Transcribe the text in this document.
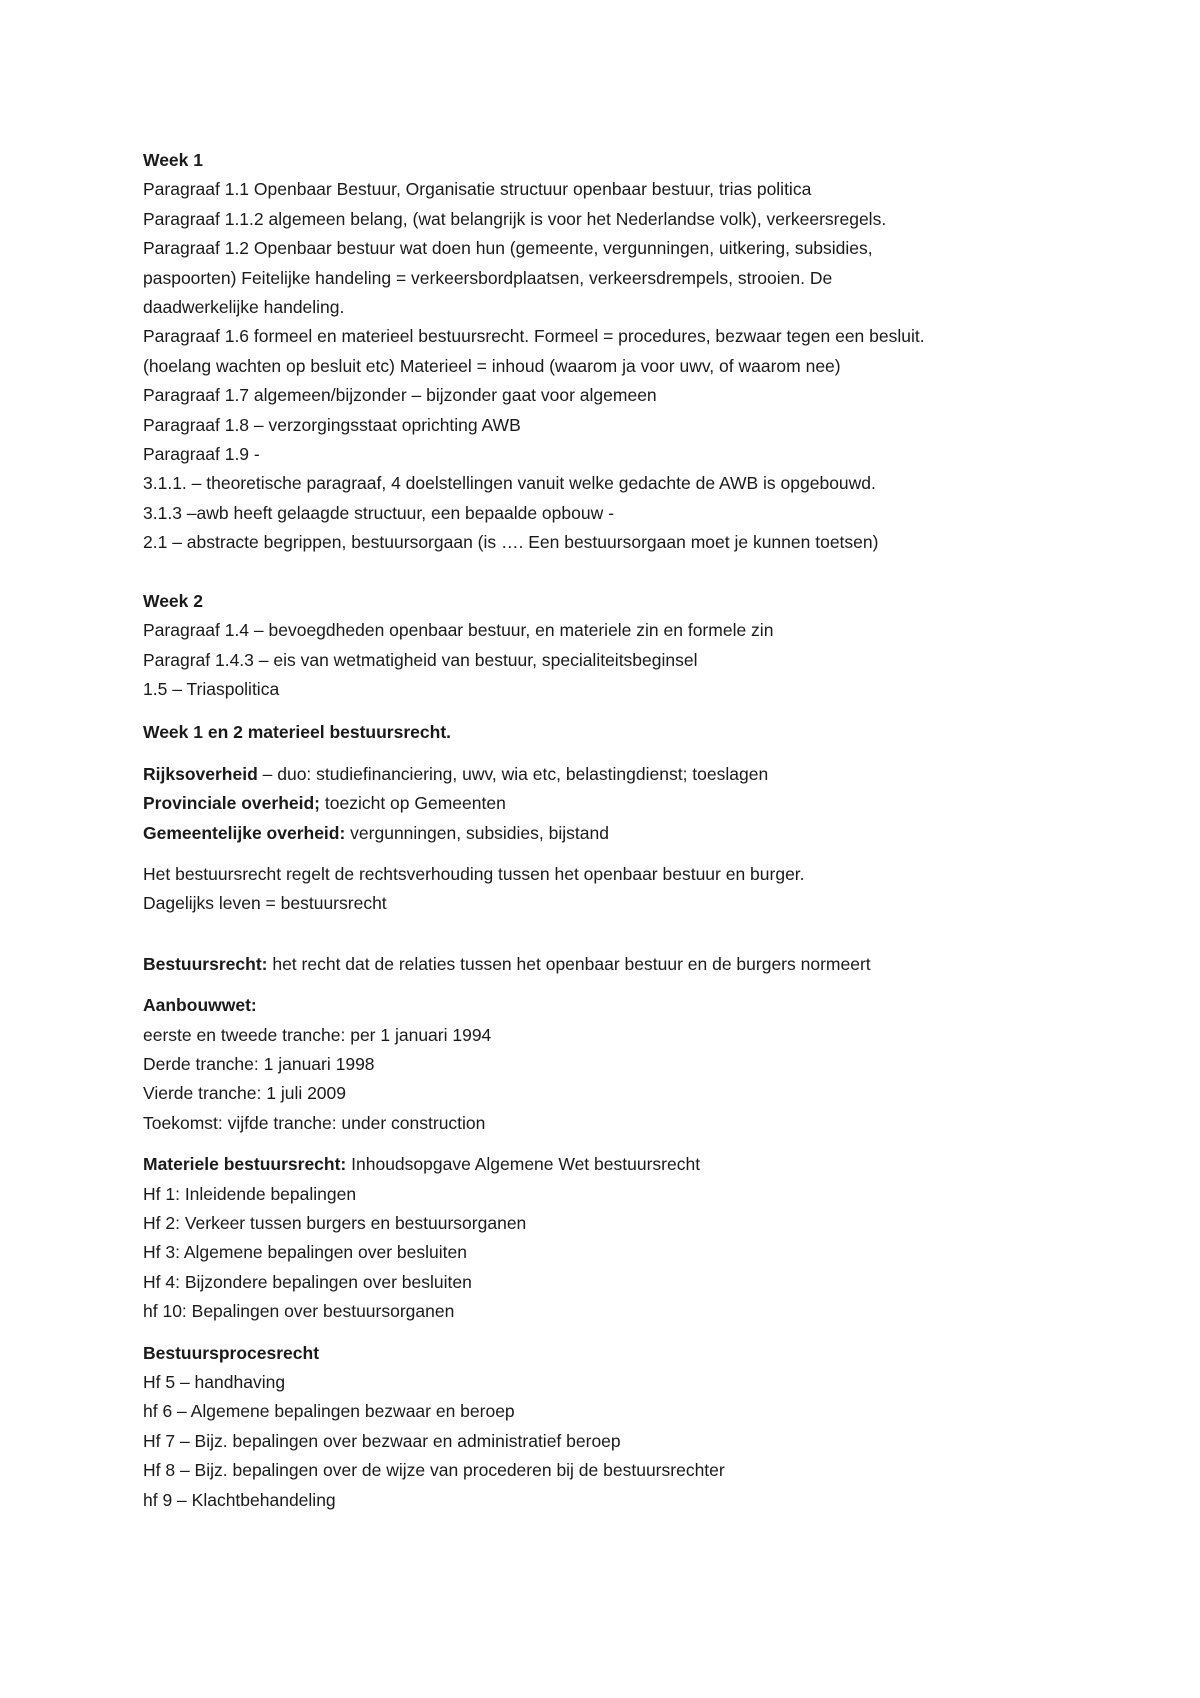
Week 1
Paragraaf 1.1 Openbaar Bestuur, Organisatie structuur openbaar bestuur, trias politica
Paragraaf 1.1.2 algemeen belang, (wat belangrijk is voor het Nederlandse volk), verkeersregels.
Paragraaf 1.2 Openbaar bestuur wat doen hun (gemeente, vergunningen, uitkering, subsidies,
paspoorten) Feitelijke handeling = verkeersbordplaatsen, verkeersdrempels, strooien. De
daadwerkelijke handeling.
Paragraaf 1.6 formeel en materieel bestuursrecht. Formeel = procedures, bezwaar tegen een besluit.
(hoelang wachten op besluit etc) Materieel = inhoud (waarom ja voor uwv, of waarom nee)
Paragraaf 1.7 algemeen/bijzonder – bijzonder gaat voor algemeen
Paragraaf 1.8 – verzorgingsstaat oprichting AWB
Paragraaf 1.9 -
3.1.1. – theoretische paragraaf, 4 doelstellingen vanuit welke gedachte de AWB is opgebouwd.
3.1.3 –awb heeft gelaagde structuur, een bepaalde opbouw -
2.1 – abstracte begrippen, bestuursorgaan (is …. Een bestuursorgaan moet je kunnen toetsen)
Week 2
Paragraaf 1.4 – bevoegdheden openbaar bestuur, en materiele zin en formele zin
Paragraf 1.4.3 – eis van wetmatigheid van bestuur, specialiteitsbeginsel
1.5 – Triaspolitica
Week 1 en 2 materieel bestuursrecht.
Rijksoverheid – duo: studiefinanciering, uwv, wia etc, belastingdienst; toeslagen
Provinciale overheid; toezicht op Gemeenten
Gemeentelijke overheid: vergunningen, subsidies, bijstand
Het bestuursrecht regelt de rechtsverhouding tussen het openbaar bestuur en burger.
Dagelijks leven = bestuursrecht
Bestuursrecht: het recht dat de relaties tussen het openbaar bestuur en de burgers normeert
Aanbouwwet:
eerste en tweede tranche: per 1 januari 1994
Derde tranche: 1 januari 1998
Vierde tranche: 1 juli 2009
Toekomst: vijfde tranche: under construction
Materiele bestuursrecht: Inhoudsopgave Algemene Wet bestuursrecht
Hf 1: Inleidende bepalingen
Hf 2: Verkeer tussen burgers en bestuursorganen
Hf 3: Algemene bepalingen over besluiten
Hf 4: Bijzondere bepalingen over besluiten
hf 10: Bepalingen over bestuursorganen
Bestuursprocesrecht
Hf 5 – handhaving
hf 6 – Algemene bepalingen bezwaar en beroep
Hf 7 – Bijz. bepalingen over bezwaar en administratief beroep
Hf 8 – Bijz. bepalingen over de wijze van procederen bij de bestuursrechter
hf 9 – Klachtbehandeling
